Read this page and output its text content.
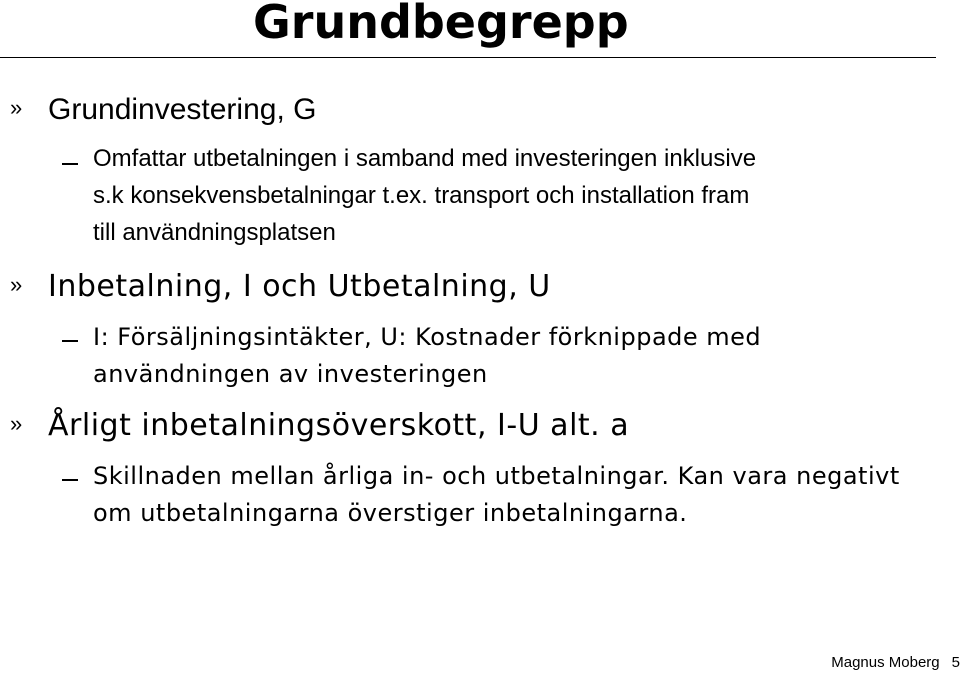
Grundbegrepp
» Grundinvestering, G
Omfattar utbetalningen i samband med investeringen inklusive
s.k konsekvensbetalningar t.ex. transport och installation fram
till användningsplatsen
» Inbetalning, I och Utbetalning, U
I: Försäljningsintäkter, U: Kostnader förknippade med
användningen av investeringen
» Årligt inbetalningsöverskott, I-U alt. a
Skillnaden mellan årliga in- och utbetalningar. Kan vara negativt
om utbetalningarna överstiger inbetalningarna.
Magnus Moberg 5
